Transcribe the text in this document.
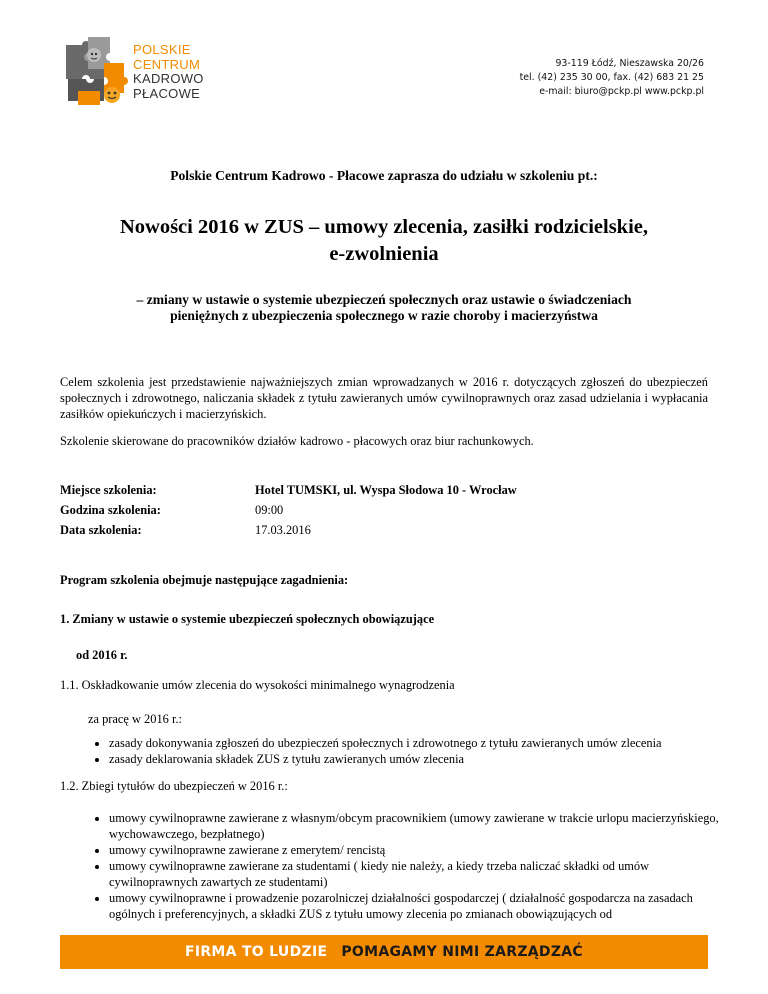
POLSKIE
CENTRUM
KADROWO
PŁACOWE
93-119 Łódź, Nieszawska 20/26
tel. (42) 235 30 00, fax. (42) 683 21 25
e-mail: biuro@pckp.pl www.pckp.pl
Polskie Centrum Kadrowo - Płacowe zaprasza do udziału w szkoleniu pt.:
Nowości 2016 w ZUS – umowy zlecenia, zasiłki rodzicielskie,
e-zwolnienia
– zmiany w ustawie o systemie ubezpieczeń społecznych oraz ustawie o świadczeniach
pieniężnych z ubezpieczenia społecznego w razie choroby i macierzyństwa
Celem szkolenia jest przedstawienie najważniejszych zmian wprowadzanych w 2016 r. dotyczących zgłoszeń do ubezpieczeń społecznych i zdrowotnego, naliczania składek z tytułu zawieranych umów cywilnoprawnych oraz zasad udzielania i wypłacania zasiłków opiekuńczych i macierzyńskich.
Szkolenie skierowane do pracowników działów kadrowo - płacowych oraz biur rachunkowych.
Miejsce szkolenia:	Hotel TUMSKI, ul. Wyspa Słodowa 10 - Wrocław
Godzina szkolenia:	09:00
Data szkolenia:	17.03.2016
Program szkolenia obejmuje następujące zagadnienia:
1. Zmiany w ustawie o systemie ubezpieczeń społecznych obowiązujące
od 2016 r.
1.1. Oskładkowanie umów zlecenia do wysokości minimalnego wynagrodzenia
za pracę w 2016 r.:
• zasady dokonywania zgłoszeń do ubezpieczeń społecznych i zdrowotnego z tytułu zawieranych umów zlecenia
• zasady deklarowania składek ZUS z tytułu zawieranych umów zlecenia
1.2. Zbiegi tytułów do ubezpieczeń w 2016 r.:
• umowy cywilnoprawne zawierane z własnym/obcym pracownikiem (umowy zawierane w trakcie urlopu macierzyńskiego, wychowawczego, bezpłatnego)
• umowy cywilnoprawne zawierane z emerytem/ rencistą
• umowy cywilnoprawne zawierane za studentami ( kiedy nie należy, a kiedy trzeba naliczać składki od umów cywilnoprawnych zawartych ze studentami)
• umowy cywilnoprawne i prowadzenie pozarolniczej działalności gospodarczej ( działalność gospodarcza na zasadach ogólnych i preferencyjnych, a składki ZUS z tytułu umowy zlecenia po zmianach obowiązujących od
FIRMA TO LUDZIE POMAGAMY NIMI ZARZĄDZAĆ
